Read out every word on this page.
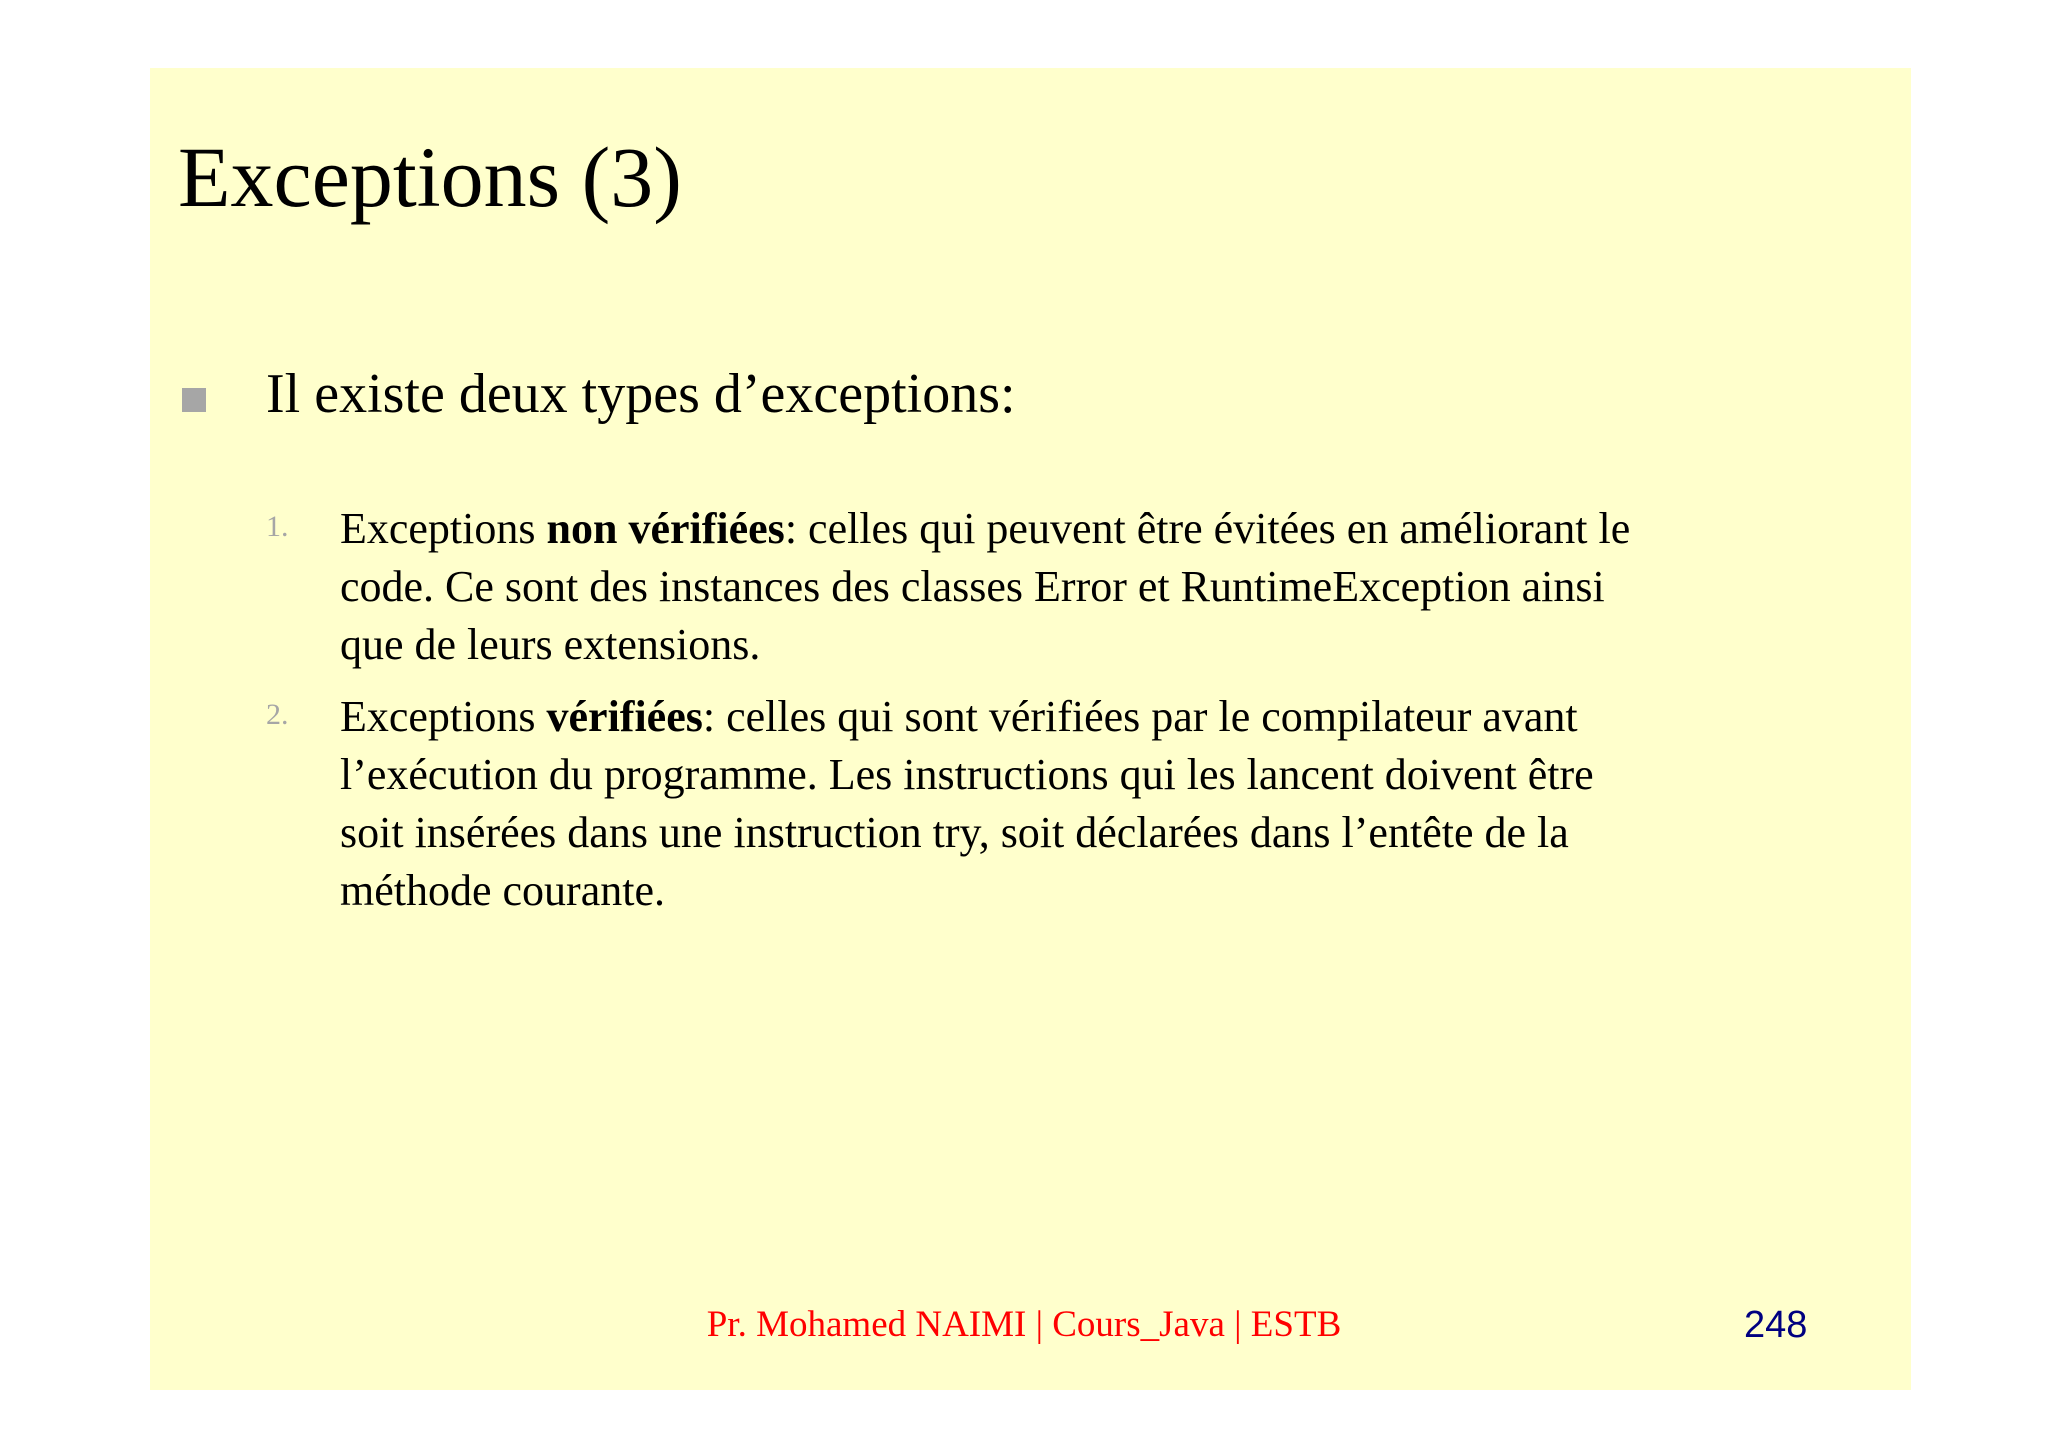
Exceptions (3)
Il existe deux types d’exceptions:
1. Exceptions non vérifiées: celles qui peuvent être évitées en améliorant le code. Ce sont des instances des classes Error et RuntimeException ainsi que de leurs extensions.
2. Exceptions vérifiées: celles qui sont vérifiées par le compilateur avant l’exécution du programme. Les instructions qui les lancent doivent être soit insérées dans une instruction try, soit déclarées dans l’entête de la méthode courante.
Pr. Mohamed NAIMI | Cours_Java | ESTB	248
